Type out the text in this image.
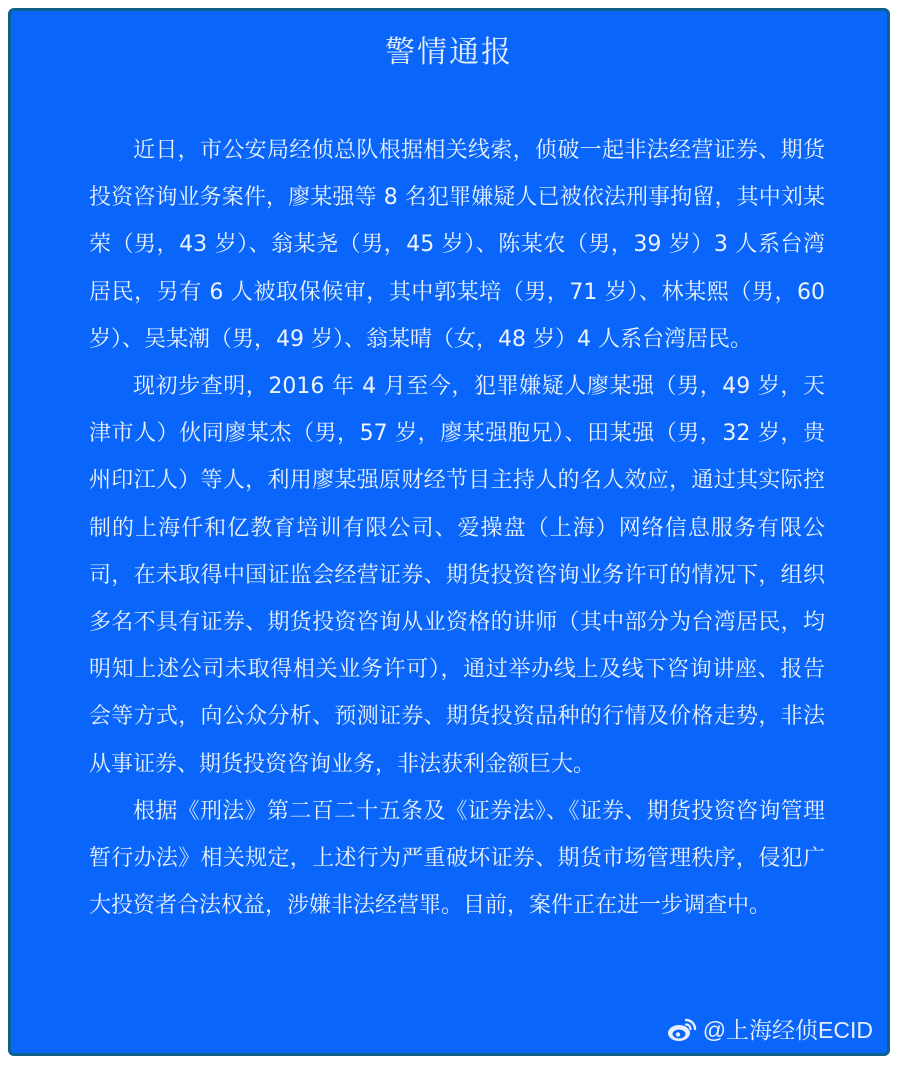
警情通报

近日，市公安局经侦总队根据相关线索，侦破一起非法经营证券、期货投资咨询业务案件，廖某强等 8 名犯罪嫌疑人已被依法刑事拘留，其中刘某荣（男，43 岁）、翁某尧（男，45 岁）、陈某农（男，39 岁）3 人系台湾居民，另有 6 人被取保候审，其中郭某培（男，71 岁）、林某熙（男，60 岁）、吴某潮（男，49 岁）、翁某晴（女，48 岁）4 人系台湾居民。

现初步查明，2016 年 4 月至今，犯罪嫌疑人廖某强（男，49 岁，天津市人）伙同廖某杰（男，57 岁，廖某强胞兄）、田某强（男，32 岁，贵州印江人）等人，利用廖某强原财经节目主持人的名人效应，通过其实际控制的上海仟和亿教育培训有限公司、爱操盘（上海）网络信息服务有限公司，在未取得中国证监会经营证券、期货投资咨询业务许可的情况下，组织多名不具有证券、期货投资咨询从业资格的讲师（其中部分为台湾居民，均明知上述公司未取得相关业务许可），通过举办线上及线下咨询讲座、报告会等方式，向公众分析、预测证券、期货投资品种的行情及价格走势，非法从事证券、期货投资咨询业务，非法获利金额巨大。

根据《刑法》第二百二十五条及《证券法》、《证券、期货投资咨询管理暂行办法》相关规定，上述行为严重破坏证券、期货市场管理秩序，侵犯广大投资者合法权益，涉嫌非法经营罪。目前，案件正在进一步调查中。

@上海经侦ECID
